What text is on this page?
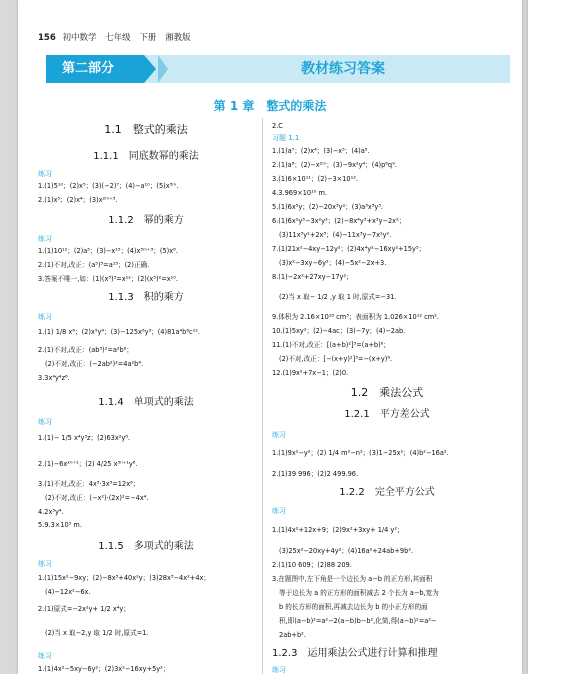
156 初中数学 七年级 下册 湘教版
第二部分	教材练习答案
第 1 章　整式的乘法
1.1　整式的乘法
1.1.1　同底数幂的乘法
练习
1.(1)5¹⁰；(2)x⁵；(3)(−2)⁷；(4)−a¹⁰；(5)x³ᵐ.
2.(1)x⁵；(2)x⁴；(3)x²ᵐ⁺³.
1.1.2　幂的乘方
练习
1.(1)10¹²；(2)a⁵；(3)−x¹⁵；(4)x³ᵐ⁺³；(5)x⁸.
2.(1)不对,改正：(a⁵)³=a¹⁵；(2)正确.
3.答案不唯一,如：(1)(x³)³=x¹²；(2)(x⁵)²=x¹⁰.
1.1.3　积的乘方
练习
1.(1) 1/8 x⁶；(2)x⁵y⁴；(3)−125x⁶y³；(4)81a⁴b⁸c¹².
2.(1)不对,改正：(ab³)²=a²b⁶；
(2)不对,改正：(−2ab²)²=4a²b⁴.
3.3x⁴y⁴z⁶.
1.1.4　单项式的乘法
练习
1.(1)− 1/5 x⁴y³z；(2)63x²y⁸.
2.(1)−6x²ⁿ⁺¹；(2) 4/25 x³ⁿ⁺¹y⁸.
3.(1)不对,改正：4x³·3x³=12x⁶；
(2)不对,改正：(−x²)·(2x)²=−4x⁴.
4.2x³y⁴.
5.9.3×10⁵ m.
1.1.5　多项式的乘法
练习
1.(1)15x²−9xy；(2)−8x³+40x²y；(3)28x³−4x²+4x；
(4)−12x²−6x.
2.(1)原式=−2x²y+ 1/2 x⁴y；
(2)当 x 取−2,y 取 1/2 时,原式=1.
练习
1.(1)4x²−5xy−6y²；(2)3x²−16xy+5y²；
2.C
习题 1.1
1.(1)a⁷；(2)x⁴；(3)−x⁵；(4)a⁸.
2.(1)a⁸；(2)−x²ᵐ；(3)−9x²y⁴；(4)p⁶q⁹.
3.(1)6×10¹¹；(2)−3×10¹².
4.3.969×10¹⁰ m.
5.(1)6x⁵y；(2)−20x³y²；(3)a³x³y³.
6.(1)6x²y³−3x²y²；(2)−8x⁴y³+x³y−2x²；
(3)11x³y²+2x³；(4)−11x³y−7x²y².
7.(1)21x²−4xy−12y²；(2)4x⁴y²−16xy²+15y⁵；
(3)x²−3xy−6y²；(4)−5x²−2x+3.
8.(1)−2x²+27xy−17y²；
(2)当 x 取− 1/2 ,y 取 1 时,原式=−31.
9.体积为 2.16×10¹⁸ cm³；表面积为 1.026×10¹² cm².
10.(1)5xy²；(2)−4ac；(3)−7y；(4)−2ab.
11.(1)不对,改正：[(a+b)²]³=(a+b)⁶；
(2)不对,改正：[−(x+y)²]³=−(x+y)⁶.
12.(1)9x²+7x−1；(2)0.
1.2　乘法公式
1.2.1　平方差公式
练习
1.(1)9x²−y²；(2) 1/4 m²−n²；(3)1−25x²；(4)b²−16a².
2.(1)39 996；(2)2 499.96.
1.2.2　完全平方公式
练习
1.(1)4x²+12x+9；(2)9x²+3xy+ 1/4 y²；
(3)25x²−20xy+4y²；(4)16a²+24ab+9b².
2.(1)10 609；(2)88 209.
3.在题图中,左下角是一个边长为 a−b 的正方形,其面积
等于边长为 a 的正方形的面积减去 2 个长为 a−b,宽为
b 的长方形的面积,再减去边长为 b 的小正方形的面
积,即(a−b)²=a²−2(a−b)b−b²,化简,得(a−b)²=a²−
2ab+b².
1.2.3　运用乘法公式进行计算和推理
练习
